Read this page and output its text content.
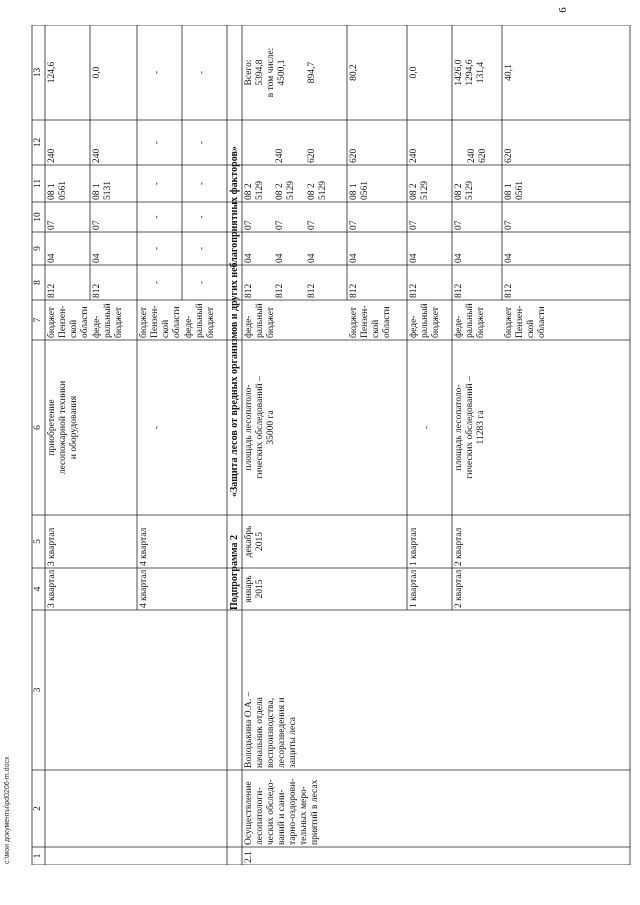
1
2
3
4
5
6
7
8
9
10
11
12
13
3 квартал
3 квартал
приобретение
лесопожарной техники
и оборудования
бюджет
Пензен-
ской
области
812
04
07
08 1
0561
240
124,6
феде-
ральный
бюджет
812
04
07
08 1
5131
240
0,0
4 квартал
4 квартал
-
бюджет
Пензен-
ской
области
-
-
-
-
-
-
феде-
ральный
бюджет
-
-
-
-
-
-
Подпрограмма 2
«Защита лесов от вредных организмов и других неблагоприятных факторов»
2.1
Осуществление
лесопатологи-
ческих обследо-
ваний и сани-
тарно-оздорови-
тельных меро-
приятий в лесах
Володькина О.А. –
начальник отдела
воспроизводства,
лесоразведения и
защиты леса
январь
2015
декабрь
2015
площадь лесопатоло-
гических обследований –
35000 га
феде-
ральный
бюджет
812
04
07
08 2
5129
Всего:
5394,8
в том числе:
4500,1
812
04
07
08 2
5129
240
812
04
07
08 2
5129
620
894,7
бюджет
Пензен-
ской
области
812
04
07
08 1
0561
620
80,2
1 квартал
1 квартал
-
феде-
ральный
бюджет
812
04
07
08 2
5129
240
0,0
2 квартал
2 квартал
площадь лесопатоло-
гических обследований –
11283 га
феде-
ральный
бюджет
812
04
07
08 2
5129
240
620
1426,0
1294,6
131,4
бюджет
Пензен-
ской
области
812
04
07
08 1
0561
620
40,1
6
c:\мои документы\pd0206-m.docx
